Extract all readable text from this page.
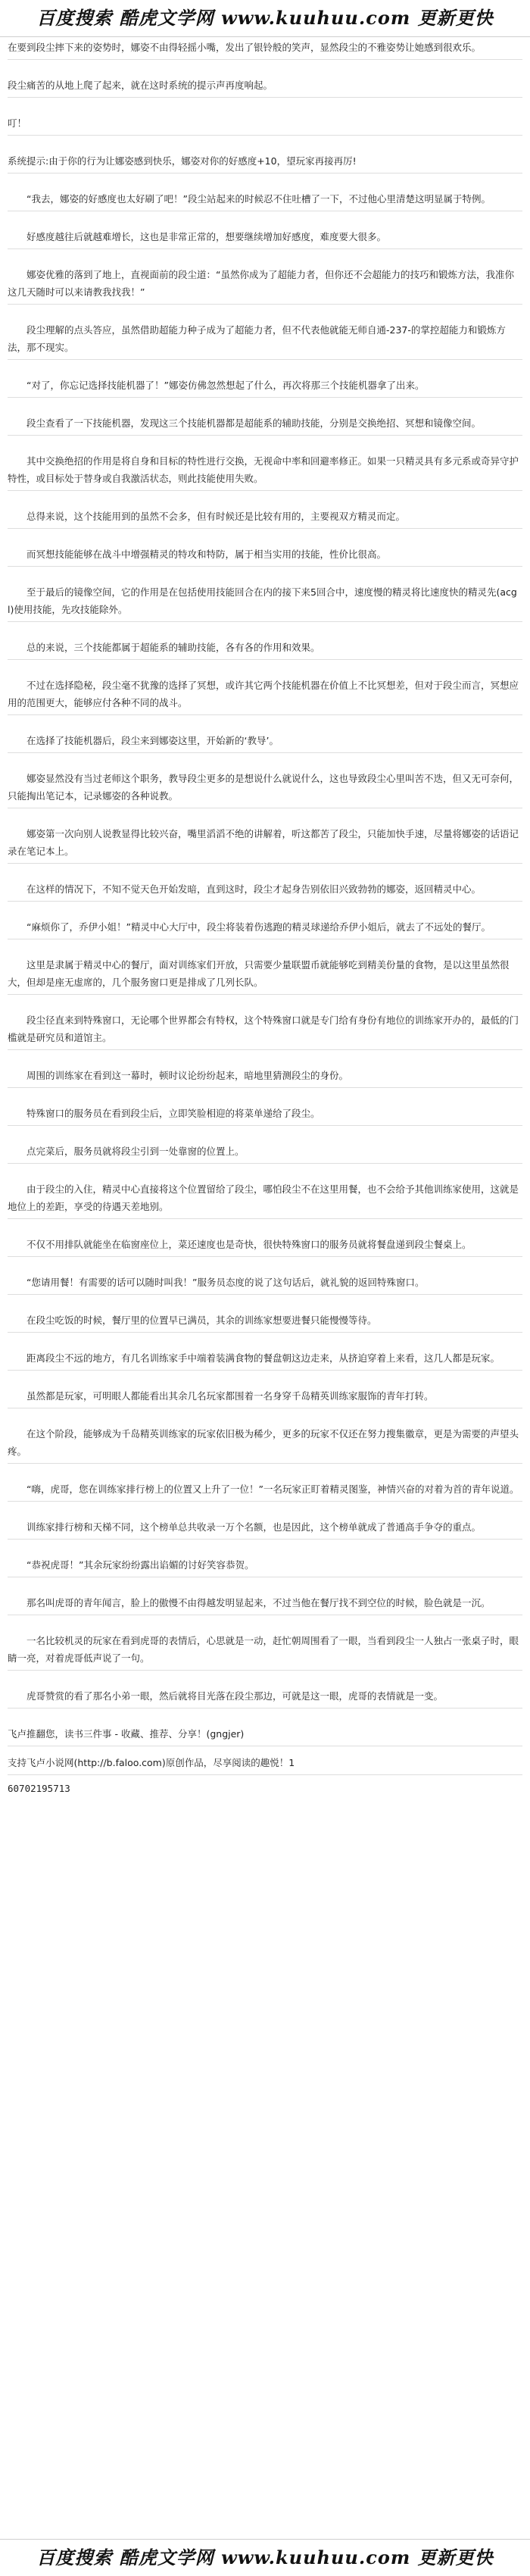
百度搜索 酷虎文学网 www.kuuhuu.com 更新更快
在要到段尘摔下来的姿势时，娜姿不由得轻摇小嘴，发出了银铃般的笑声，显然段尘的不雅姿势让她感到很欢乐。
段尘痛苦的从地上爬了起来，就在这时系统的提示声再度响起。
叮！
系统提示:由于你的行为让娜姿感到快乐，娜姿对你的好感度+10，望玩家再接再厉!
“我去，娜姿的好感度也太好刷了吧！”段尘站起来的时候忍不住吐槽了一下，不过他心里清楚这明显属于特例。
好感度越往后就越难增长，这也是非常正常的，想要继续增加好感度，难度要大很多。
娜姿优雅的落到了地上，直视面前的段尘道：“虽然你成为了超能力者，但你还不会超能力的技巧和锻炼方法，我准你这几天随时可以来请教我找我！”
段尘理解的点头答应，虽然借助超能力种子成为了超能力者，但不代表他就能无师自通-237-的掌控超能力和锻炼方法，那不现实。
“对了，你忘记选择技能机器了！”娜姿仿佛忽然想起了什么，再次将那三个技能机器拿了出来。
段尘查看了一下技能机器，发现这三个技能机器都是超能系的辅助技能，分别是交换绝招、冥想和镜像空间。
其中交换绝招的作用是将自身和目标的特性进行交换，无视命中率和回避率修正。如果一只精灵具有多元系或奇异守护特性，或目标处于替身或自我激活状态，则此技能使用失败。
总得来说，这个技能用到的虽然不会多，但有时候还是比较有用的，主要视双方精灵而定。
而冥想技能能够在战斗中增强精灵的特攻和特防，属于相当实用的技能，性价比很高。
至于最后的镜像空间，它的作用是在包括使用技能回合在内的接下来5回合中，速度慢的精灵将比速度快的精灵先(acgl)使用技能，先攻技能除外。
总的来说，三个技能都属于超能系的辅助技能，各有各的作用和效果。
不过在选择隐秘，段尘毫不犹豫的选择了冥想，或许其它两个技能机器在价值上不比冥想差，但对于段尘而言，冥想应用的范围更大，能够应付各种不同的战斗。
在选择了技能机器后，段尘来到娜姿这里，开始新的‘教导’。
娜姿显然没有当过老师这个职务，教导段尘更多的是想说什么就说什么，这也导致段尘心里叫苦不迭，但又无可奈何，只能掏出笔记本，记录娜姿的各种说教。
娜姿第一次向别人说教显得比较兴奋，嘴里滔滔不绝的讲解着，听这都苦了段尘，只能加快手速，尽量将娜姿的话语记录在笔记本上。
在这样的情况下，不知不觉天色开始发暗，直到这时，段尘才起身告别依旧兴致勃勃的娜姿，返回精灵中心。
“麻烦你了，乔伊小姐！”精灵中心大厅中，段尘将装着伤逃跑的精灵球递给乔伊小姐后，就去了不远处的餐厅。
这里是隶属于精灵中心的餐厅，面对训练家们开放，只需要少量联盟币就能够吃到精美份量的食物，是以这里虽然很大，但却是座无虚席的，几个服务窗口更是排成了几列长队。
段尘径直来到特殊窗口，无论哪个世界都会有特权，这个特殊窗口就是专门给有身份有地位的训练家开办的，最低的门槛就是研究员和道馆主。
周围的训练家在看到这一幕时，顿时议论纷纷起来，暗地里猜测段尘的身份。
特殊窗口的服务员在看到段尘后，立即笑脸相迎的将菜单递给了段尘。
点完菜后，服务员就将段尘引到一处靠窗的位置上。
由于段尘的入住，精灵中心直接将这个位置留给了段尘，哪怕段尘不在这里用餐，也不会给予其他训练家使用，这就是地位上的差距，享受的待遇天差地别。
不仅不用排队就能坐在临窗座位上，菜还速度也是奇快，很快特殊窗口的服务员就将餐盘递到段尘餐桌上。
“您请用餐！有需要的话可以随时叫我！”服务员态度的说了这句话后，就礼貌的返回特殊窗口。
在段尘吃饭的时候，餐厅里的位置早已满员，其余的训练家想要进餐只能慢慢等待。
距离段尘不远的地方，有几名训练家手中端着装满食物的餐盘朝这边走来，从挤迫穿着上来看，这几人都是玩家。
虽然都是玩家，可明眼人都能看出其余几名玩家都围着一名身穿千岛精英训练家服饰的青年打转。
在这个阶段，能够成为千岛精英训练家的玩家依旧极为稀少，更多的玩家不仅还在努力搜集徽章，更是为需要的声望头疼。
“嗨，虎哥，您在训练家排行榜上的位置又上升了一位！”一名玩家正盯着精灵图鉴，神情兴奋的对着为首的青年说道。
训练家排行榜和天梯不同，这个榜单总共收录一万个名额，也是因此，这个榜单就成了普通高手争夺的重点。
“恭祝虎哥！”其余玩家纷纷露出谄媚的讨好笑容恭贺。
那名叫虎哥的青年闻言，脸上的傲慢不由得越发明显起来，不过当他在餐厅找不到空位的时候，脸色就是一沉。
一名比较机灵的玩家在看到虎哥的表情后，心思就是一动，赶忙朝周围看了一眼，当看到段尘一人独占一张桌子时，眼睛一亮，对着虎哥低声说了一句。
虎哥赞赏的看了那名小弟一眼，然后就将目光落在段尘那边，可就是这一眼，虎哥的表情就是一变。
飞卢推翻您，读书三件事 - 收藏、推荐、分享！(gngjer)
支持飞卢小说网(http://b.faloo.com)原创作品，尽享阅读的趣悦！1
60702195713
百度搜索 酷虎文学网 www.kuuhuu.com 更新更快
